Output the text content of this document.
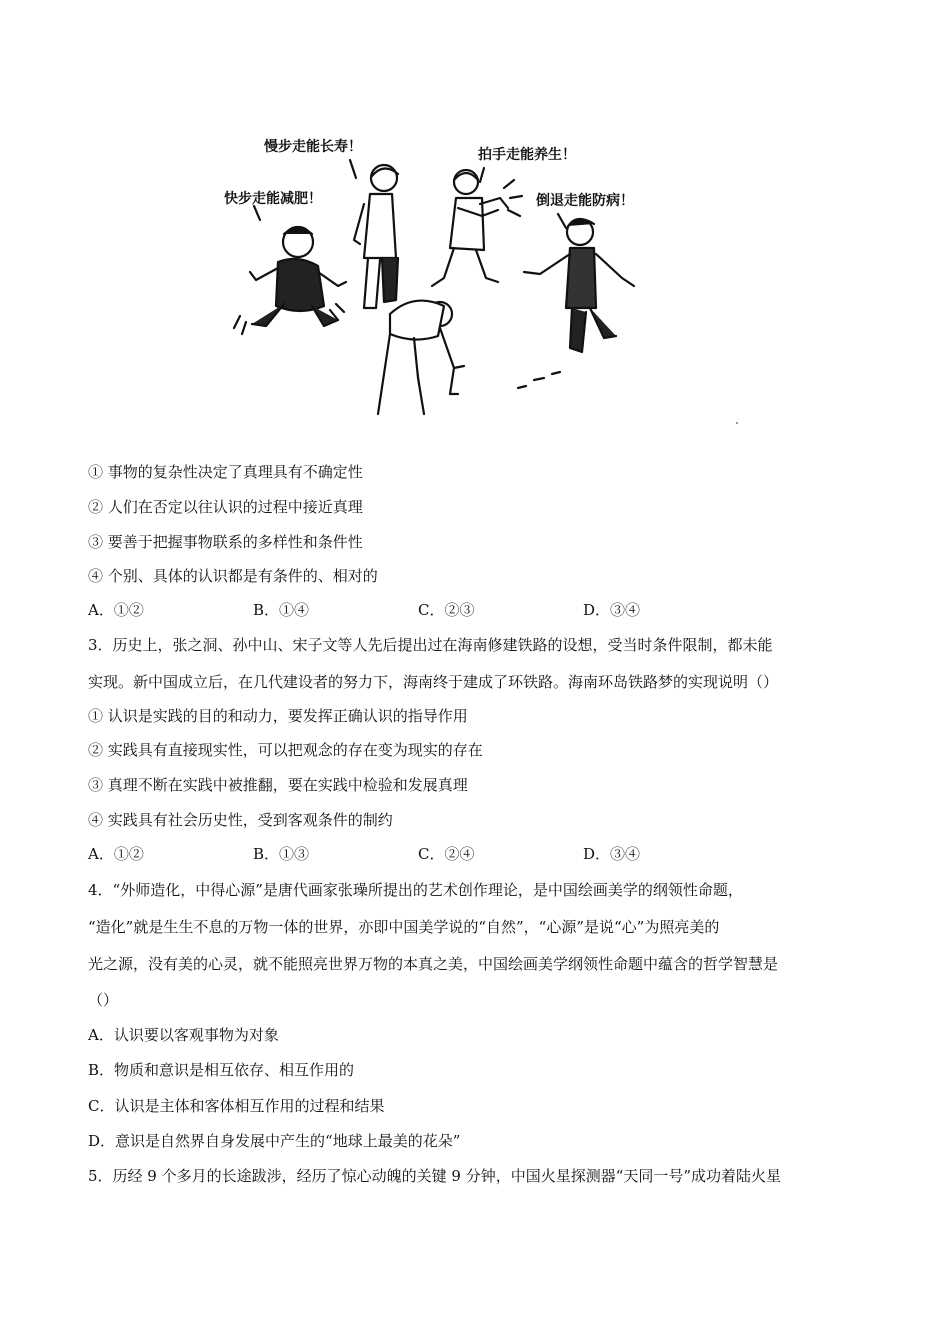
慢步走能长寿！
快步走能减肥！
拍手走能养生！
倒退走能防病！
① 事物的复杂性决定了真理具有不确定性
② 人们在否定以往认识的过程中接近真理
③ 要善于把握事物联系的多样性和条件性
④ 个别、具体的认识都是有条件的、相对的
A．①②	B．①④	C．②③	D．③④
3．历史上，张之洞、孙中山、宋子文等人先后提出过在海南修建铁路的设想，受当时条件限制，都未能
实现。新中国成立后，在几代建设者的努力下，海南终于建成了环铁路。海南环岛铁路梦的实现说明（）
① 认识是实践的目的和动力，要发挥正确认识的指导作用
② 实践具有直接现实性，可以把观念的存在变为现实的存在
③ 真理不断在实践中被推翻，要在实践中检验和发展真理
④ 实践具有社会历史性，受到客观条件的制约
A．①②	B．①③	C．②④	D．③④
4．“外师造化，中得心源”是唐代画家张璪所提出的艺术创作理论，是中国绘画美学的纲领性命题，
“造化”就是生生不息的万物一体的世界，亦即中国美学说的“自然”，“心源”是说“心”为照亮美的
光之源，没有美的心灵，就不能照亮世界万物的本真之美，中国绘画美学纲领性命题中蕴含的哲学智慧是
（）
A．认识要以客观事物为对象
B．物质和意识是相互依存、相互作用的
C．认识是主体和客体相互作用的过程和结果
D．意识是自然界自身发展中产生的“地球上最美的花朵”
5．历经 9 个多月的长途跋涉，经历了惊心动魄的关键 9 分钟，中国火星探测器“天同一号”成功着陆火星
